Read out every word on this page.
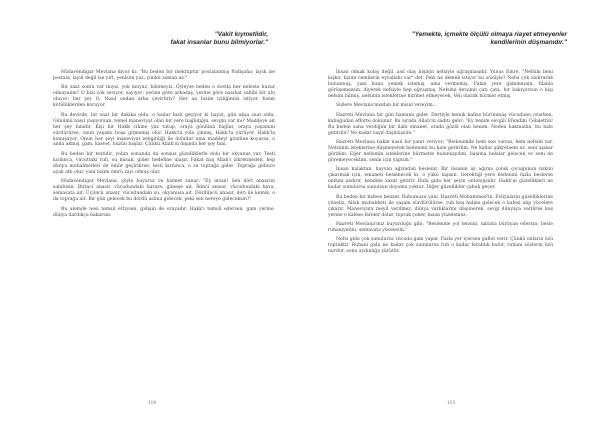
"Vakit kıymetlidir,
fakat insanlar bunu bilmiyorlar."

Hüdavendigar Mevlana diyor ki: "Bu beden bir mektuptur postalanmış Padişaha; layık ise postala, layık değil ise yırt, yenisini yaz; çünkü zaman az."

Bir saat sonra var mıyız, yok muyuz, bilemeyiz. Öyleyse neden o dostla her nefeste huzur olmayalım? O bizi çok seviyor, sayıyor; yerine göre arkadaş, yerine göre nasihat sahibi bir ulu oluyor; her şey O. Nasıl ondan arka çevirtiriz? Her an bizim iyiliğimizi istiyor, bizim kötülüklerden koruyor.

Bu devirde, bir saat bir dakika oldu, o kadar hızlı geçiyor ki hayat, gün akşa saat oldu. Günümü nasıl yaşıyorsun, temel maneviyat olan bir yere bağlıdığın, sevgin var mı? Maddeye ait her şey fanidir. Kişi bir Hakk cihine yüz tutup, oraya gönlünü bağlar, oraya yaşamını sürdürürse, onun yaşamı boşa gitmemiş olur. Hakk'la yola çıkmış, Hakk'ta yürüyor. Hakk'la konuşuyor. Onun her şeyi maneviyat zenginliği ile doludur ama maddeyi gönlüne koyarsa, o anda akmış, gam, kasvet, hüzün başlar. Çünkü Allah'ın dışında her şey fani.

Bu beden bir testidir, yolun sonunda da sonsuz güzelliklerle dolu bir okyanus var. Testi kırılınca, vücuttaki ruh, su misali, gider hedefine ulaşır. Fakat baş Allah'ı zikretmeden, hep dünya muhabbetleri de ömür geçirilirse, testi kırılınca, o su toprağa gider. Toprağa gidince ayak altı olur, yani bizim ömrü zayi olmuş olur.

Hüdavendigar Mevlana, şöyle buyurur ve hizmet sunar: "Ey insan! Sen dört anasırın sahibisin. Birinci anasır, vücudundaki harare, güneşe ait. İkinci anasır, vücudundaki hava, semavata ait. Üçüncü anasır, vücudundaki su, okyanusa ait. Dördüncü anasır, deri ile kemik, o da toprağa ait. Bir gün gelecek bu dördü aslına gidecek, peki sen nereye gideceksin?"

Bu alemde nesi temsil ettiysen, gidişin de orayadır. Hakk'ı temsil edersen, gam yerine, dünya dardıkça bakarsın.

114
"Yemekte, içmekte ölçülü olmaya riayet etmeyenler
kendilerinin düşmanıdır."

İnsan olmak kolay değil, asıl olay kişinin nefsiyle uğraşmasıdır. Yunus Emre, "Nefsim beni kışkır, bizim cemilerin eyvallahı var" der. Peki ne demek istiyor bu sözüyle? Nefsi çok azdırarak bulunmuş, yani bunu yemek istemiş, ama vermemiş. Falan yere gidemezsin, filanla görüşemezsin, diyerek nefsiyle hep uğraşmış. Nefsine devamlı çatı çata, bir bakıyorsun o kişi nefsini bilmiş, nefsinin isteklerine hürmet etmeyecek, Veli olarak hürmet etmiş.

Sizlere Mevlana'mızdan bir misal vereyim...

Hazreti Mevlana bir gün hamamı gider. Dertiyle kemik hafise bürünmüş vücudunu ovarken, kabuğudan efforte dokunur. Bu sırada Allah'ın sadıtı gelir: "Ey benim sevgili Efendim Celalettin! Bu beden sana verdiğim bir ilahi emanet, orada gözlü olan benim. Neden bakmadın, bu hale getirdin? Ne kadar zayıf düşmüşsün."

Hazreti Mevlana bakın nasıl bir yanıt veriyor: "Bedenimde hem sen varsın, hem nefsim var. Nefsimin isteklerine düşmeyerek bedenimi bu hale getirdim. Ne kadar şükretsem az, seni aşıkar gördüm. Eğer nefsimin isteklerine hürmette bulunsaydım, başıma belalar gelecek ve seni de göremeyecektim, senin için yaptım."

İnsan kalaktan, hayvan ağzından beslenir. Bir insanın işi ağırsa çoluk çocuğunun nzkını çıkarmak için, emaneti beslenecek ki, o yükü taşısın. Gerektiği yere bedenini fazla beslerse nefsini azdırır, kendine zarar getirir. Ruhi gıda her şeyin ontolojisidir. Hakk'ın güzellikleri ne kadar sunulursa sunulsun doyumu yoktur. Diğer güzellikler çabuk geçer.

Bu beden bir kafese benzer. Ruhumuzu yani, Hazreti Muhammed'in, Evliyaların güzelliklerine yöneliz, Allah muhabbeti ile yaşam sürdürülürse, ruh kuş haline gelecek o kafesi alıp yücelere çıkarır. Maneviyata meyil verilmez, dünya varlıklarını düşünerek, sevgi dünyaya verilirse kuş yerine o kafese fareler dolar, toprak çeker, insan yüzelemez.

Hazreti Mevlana'mız buyurduğu gibi, "Beslenme yol tensini, tabiata bürüyan edersin; besle ruhaniyetini, semavata yücelesin."

Nefsi gıda çok sunulursa vücuda gam yapar. Fazla yer içersen gaflet verir. Çünkü onların özü topraktır. Ruhani gıda ne kadar çok sunulursa ruh o kadar ferahlık bulur, ruhani sözlerin özü nurdur, sonu aydınlığa yürütür.

115
